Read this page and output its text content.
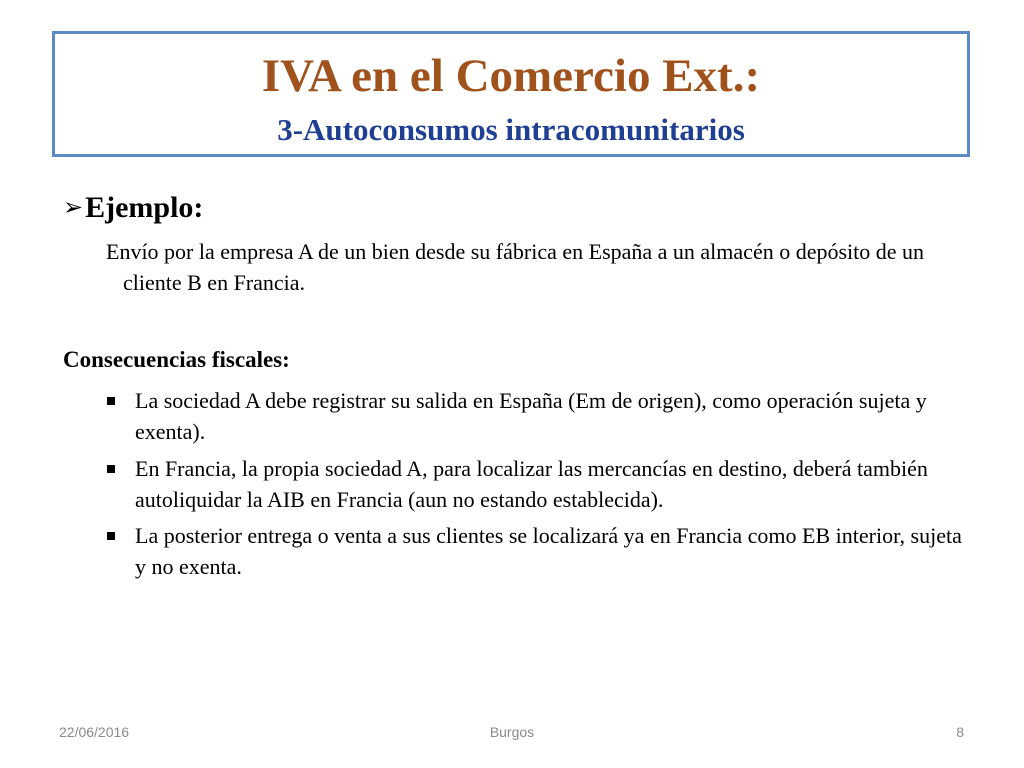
IVA en el Comercio Ext.:
3-Autoconsumos intracomunitarios
➢Ejemplo:
Envío por la empresa A de un bien desde su fábrica en España a un almacén o depósito de un cliente B en Francia.
Consecuencias fiscales:
La sociedad A debe registrar su salida en España (Em de origen), como operación sujeta y exenta).
En Francia, la propia sociedad A, para localizar las mercancías en destino, deberá también autoliquidar la AIB en Francia (aun no estando establecida).
La posterior entrega o venta a sus clientes se localizará ya en Francia como EB interior, sujeta y no exenta.
22/06/2016	Burgos	8
